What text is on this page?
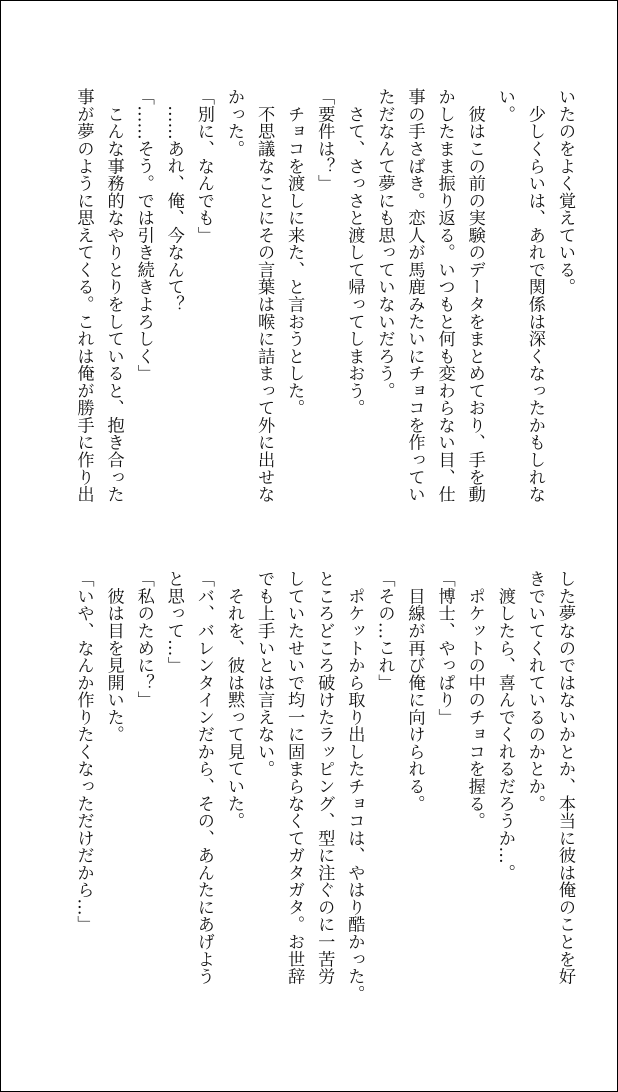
いたのをよく覚えている。
　少しくらいは、あれで関係は深くなったかもしれな
い。
　彼はこの前の実験のデータをまとめており、手を動
かしたまま振り返る。いつもと何も変わらない目、仕
事の手さばき。恋人が馬鹿みたいにチョコを作ってい
ただなんて夢にも思っていないだろう。
　さて、さっさと渡して帰ってしまおう。
「要件は？」
　チョコを渡しに来た、と言おうとした。
　不思議なことにその言葉は喉に詰まって外に出せな
かった。
「別に、なんでも」
　……あれ、俺、今なんて？
「……そう。では引き続きよろしく」
　こんな事務的なやりとりをしていると、抱き合った
事が夢のように思えてくる。これは俺が勝手に作り出
した夢なのではないかとか、本当に彼は俺のことを好
きでいてくれているのかとか。
　渡したら、喜んでくれるだろうか…。
　ポケットの中のチョコを握る。
「博士、やっぱり」
　目線が再び俺に向けられる。
「その…これ」
　ポケットから取り出したチョコは、やはり酷かった。
ところどころ破けたラッピング、型に注ぐのに一苦労
していたせいで均一に固まらなくてガタガタ。お世辞
でも上手いとは言えない。
　それを、彼は黙って見ていた。
「バ、バレンタインだから、その、あんたにあげよう
と思って…」
「私のために？」
　彼は目を見開いた。
「いや、なんか作りたくなっただけだから…」
